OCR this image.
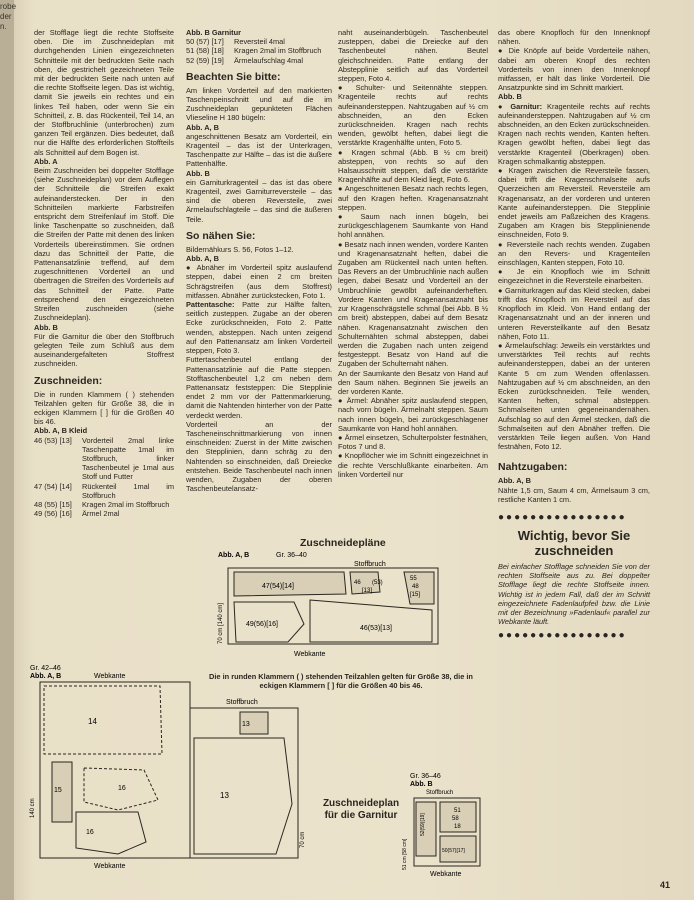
robe
der
n.

der Stofflage liegt die rechte Stoffseite oben. Die im Zuschneideplan mit durchgehenden Linien eingezeichneten Schnitteile mit der bedruckten Seite nach oben, die gestrichelt gezeichneten Teile mit der bedruckten Seite nach unten auf die rechte Stoffseite legen. Das ist wichtig, damit Sie jeweils ein rechtes und ein linkes Teil haben, oder wenn Sie ein Schnitteil, z. B. das Rückenteil, Teil 14, an der Stoffbruchlinie (unterbrochen) zum ganzen Teil ergänzen. Dies bedeutet, daß nur die Hälfte des erforderlichen Stoffteils als Schnitteil auf dem Bogen ist.

Abb. A

Beim Zuschneiden bei doppelter Stofflage (siehe Zuschneideplan) vor dem Auflegen der Schnitteile die Streifen exakt aufeinanderstecken. Der in den Schnitteilen markierte Farbstreifen entspricht dem Streifenlauf im Stoff. Die linke Taschenpatte so zuschneiden, daß die Streifen der Patte mit denen des linken Vorderteils übereinstimmen. Sie ordnen dazu das Schnitteil der Patte, die Pattenansatzlinie treffend, auf dem zugeschnittenen Vorderteil an und übertragen die Streifen des Vorderteils auf das Schnitteil der Patte. Patte entsprechend den eingezeichneten Streifen zuschneiden (siehe Zuschneideplan).

Abb. B

Für die Garnitur die über den Stoffbruch gelegten Teile zum Schluß aus dem auseinandergefalteten Stoffrest zuschneiden.

Zuschneiden:

Die in runden Klammern ( ) stehenden Teilzahlen gelten für Größe 38, die in eckigen Klammern [ ] für die Größen 40 bis 46.

Abb. A, B Kleid

46 (53) [13]	Vorderteil 2mal linke Taschenpatte 1mal im Stoffbruch, linker Taschenbeutel je 1mal aus Stoff und Futter
47 (54) [14]	Rückenteil 1mal im Stoffbruch
48 (55) [15]	Kragen 2mal im Stoffbruch
49 (56) [16]	Ärmel 2mal

Abb. B Garnitur

50 (57) [17]	Reversteil 4mal
51 (58) [18]	Kragen 2mal im Stoffbruch
52 (59) [19]	Ärmelaufschlag 4mal
Beachten Sie bitte:

Am linken Vorderteil auf den markierten Taschenpeinschnitt und auf die im Zuschneideplan gepunkteten Flächen Vlieseline H 180 bügeln:

Abb. A, B

angeschnittenen Besatz am Vorderteil, ein Kragenteil – das ist der Unterkragen, Taschenpatte zur Hälfte – das ist die äußere Pattenhälfte.

Abb. B

ein Garniturkragenteil – das ist das obere Kragenteil, zwei Garniturreversteile – das sind die oberen Reversteile, zwei Ärmelaufschlagteile – das sind die äußeren Teile.

So nähen Sie:

Bildernähkurs S. 56, Fotos 1–12.

Abb. A, B

● Abnäher im Vorderteil spitz auslaufend steppen, dabei einen 2 cm breiten Schrägstreifen (aus dem Stoffrest) mitfassen. Abnäher zurückstecken, Foto 1.

Pattentasche: Patte zur Hälfte falten, seitlich zusteppen. Zugabe an der oberen Ecke zurückschneiden, Foto 2. Patte wenden, absteppen. Nach unten zeigend auf den Pattenansatz am linken Vorderteil steppen, Foto 3.

Futtertaschenbeutel entlang der Pattenansatzlinie auf die Patte steppen. Stofftaschenbeutel 1,2 cm neben dem Pattenansatz feststeppen: Die Stepplinie endet 2 mm vor der Pattenmarkierung, damit die Nahtenden hinterher von der Patte verdeckt werden.

Vorderteil an der Tascheneinschnittmarkierung von innen einschneiden: Zuerst in der Mitte zwischen den Stepplinien, dann schräg zu den Nahtenden so einschneiden, daß Dreiecke entstehen. Beide Taschenbeutel nach innen wenden, Zugaben der oberen Taschenbeutelansatz-

naht auseinanderbügeln. Taschenbeutel zusteppen, dabei die Dreiecke auf den Taschenbeutel nähen. Beutel gleichschneiden. Patte entlang der Abstepplinie seitlich auf das Vorderteil steppen, Foto 4.

● Schulter- und Seitennähte steppen. Kragenteile rechts auf rechts aufeinandersteppen. Nahtzugaben auf ½ cm abschneiden, an den Ecken zurückschneiden. Kragen nach rechts wenden, gewölbt heften, dabei liegt die verstärkte Kragenhälfte unten, Foto 5.

● Kragen schmal (Abb. B ½ cm breit) absteppen, von rechts so auf den Halsausschnitt steppen, daß die verstärkte Kragenhälfte auf dem Kleid liegt, Foto 6.

● Angeschnittenen Besatz nach rechts legen, auf den Kragen heften. Kragenansatznaht steppen.

● Saum nach innen bügeln, bei zurückgeschlagenem Saumkante von Hand hohl annähen.

● Besatz nach innen wenden, vordere Kanten und Kragenansatznaht heften, dabei die Zugaben am Rückenteil nach unten heften. Das Revers an der Umbruchlinie nach außen legen, dabei Besatz und Vorderteil an der Umbruchlinie gewölbt aufeinanderheften. Vordere Kanten und Kragenansatznaht bis zur Kragenschrägstelle schmal (bei Abb. B ½ cm breit) absteppen, dabei auf dem Besatz nähen. Kragenansatznaht zwischen den Schulternähten schmal absteppen, dabei werden die Zugaben nach unten zeigend festgesteppt. Besatz von Hand auf die Zugaben der Schulternaht nähen.

An der Saumkante den Besatz von Hand auf den Saum nähen. Beginnen Sie jeweils an der vorderen Kante.

● Ärmel: Abnäher spitz auslaufend steppen, nach vorn bügeln. Ärmelnaht steppen. Saum nach innen bügeln, bei zurückgeschlagener Saumkante von Hand hohl annähen.

● Ärmel einsetzen, Schulterpolster festnähen, Fotos 7 und 8.

● Knopflöcher wie im Schnitt eingezeichnet in die rechte Verschlußkante einarbeiten. Am linken Vorderteil nur

das obere Knopfloch für den Innenknopf nähen.

● Die Knöpfe auf beide Vorderteile nähen, dabei am oberen Knopf des rechten Vorderteils von innen den Innenknopf mitfassen, er hält das linke Vorderteil. Die Ansatzpunkte sind im Schnitt markiert.

Abb. B

● Garnitur: Kragenteile rechts auf rechts aufeinandersteppen. Nahtzugaben auf ½ cm abschneiden, an den Ecken zurückschneiden. Kragen nach rechts wenden, Kanten heften. Kragen gewölbt heften, dabei liegt das verstärkte Kragenteil (Oberkragen) oben. Kragen schmalkantig absteppen.

● Kragen zwischen die Reversteile fassen, dabei trifft die Kragenschmalseite aufs Querzeichen am Reversteil. Reversteile am Kragenansatz, an der vorderen und unteren Kante aufeinandersteppen. Die Stepplinie endet jeweils am Paßzeichen des Kragens. Zugaben am Kragen bis Stepplinienende einschneiden, Foto 9.

● Reversteile nach rechts wenden. Zugaben an den Revers- und Kragenteilen einschlagen, Kanten steppen, Foto 10.

● Je ein Knopfloch wie im Schnitt eingezeichnet in die Reversteile einarbeiten.

● Garniturkragen auf das Kleid stecken, dabei trifft das Knopfloch im Reversteil auf das Knopfloch im Kleid. Von Hand entlang der Kragenansatznaht und an der inneren und unteren Reversteilkante auf den Besatz nähen, Foto 11.

● Ärmelaufschlag: Jeweils ein verstärktes und unverstärktes Teil rechts auf rechts aufeinandersteppen, dabei an der unteren Kante 5 cm zum Wenden offenlassen. Nahtzugaben auf ½ cm abschneiden, an den Ecken zurückschneiden. Teile wenden, Kanten heften, schmal absteppen. Schmalseiten unten gegeneinandernähen. Aufschlag so auf den Ärmel stecken, daß die Schmalseiten auf den Abnäher treffen. Die verstärkten Teile liegen außen. Von Hand festnähen, Foto 12.

Nahtzugaben:

Abb. A, B

Nähte 1,5 cm, Saum 4 cm, Ärmelsaum 3 cm, restliche Kanten 1 cm.

●●●●●●●●●●●●●●●●
Wichtig, bevor Sie zuschneiden

Bei einfacher Stofflage schneiden Sie von der rechten Stoffseite aus zu. Bei doppelter Stofflage liegt die rechte Stoffseite innen. Wichtig ist in jedem Fall, daß der im Schnitt eingezeichnete Fadenlaufpfeil bzw. die Linie mit der Bezeichnung »Fadenlauf« parallel zur Webkante läuft.

●●●●●●●●●●●●●●●●
Zuschneidepläne
Abb. A, B	Gr. 36–40
Stoffbruch
47(54)[14]	46 (53)
[13]
55
48
[15]
49(56)[16]
46(53)[13]
70 cm [140 cm]
Webkante
Gr. 42–46
Abb. A, B	Webkante
14
15	16
16
140 cm
Webkante
Die in runden Klammern ( ) stehenden Teilzahlen gelten für Größe 38, die in eckigen Klammern [ ] für die Größen 40 bis 46.
Stoffbruch
13
13
70 cm
Zuschneideplan für die Garnitur
Gr. 36–46
Abb. B
Stoffbruch
52(59)[19]
51
58
18
50(57)[17]
51 cm [58 cm]
Webkante
41
